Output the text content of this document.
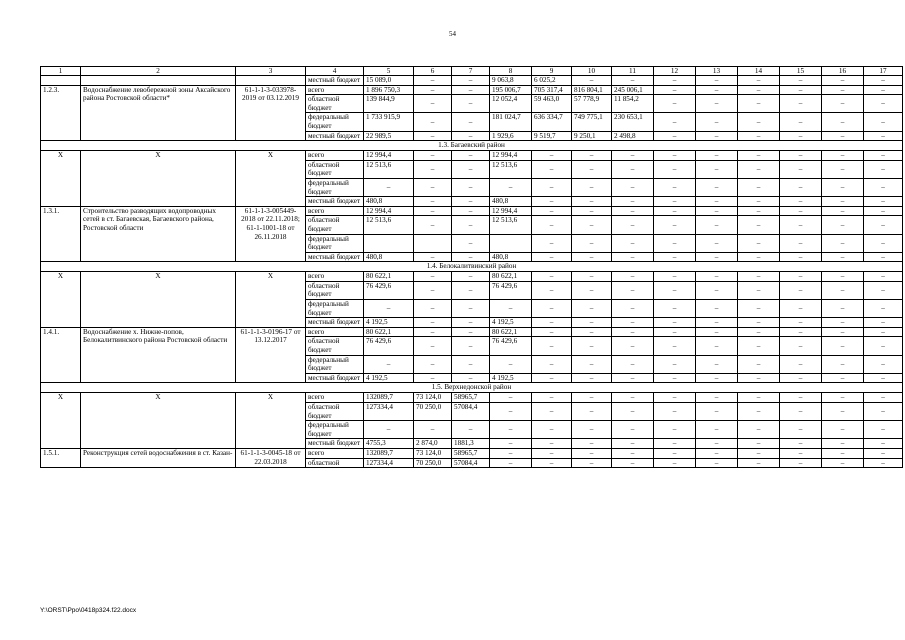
54
1	2	3	4	5	6	7	8	9	10	11	12	13	14	15	16	17
			местный бюджет	15 089,0	–	–	9 063,8	6 025,2	–	–	–	–	–	–	–	–
1.2.3.	Водоснабжение левобережной зоны Аксайского района Ростовской области*	61-1-1-3-033978-2019 от 03.12.2019	всего	1 896 750,3	–	–	195 006,7	705 317,4	816 804,1	245 006,1	–	–	–	–	–	–
			областной бюджет	139 844,9	–	–	12 052,4	59 463,0	57 778,9	11 854,2	–	–	–	–	–	–
			федеральный бюджет	1 733 915,9	–	–	181 024,7	636 334,7	749 775,1	230 653,1	–	–	–	–	–	–
			местный бюджет	22 989,5	–	–	1 929,6	9 519,7	9 250,1	2 498,8	–	–	–	–	–	–
1.3. Багаевский район																
Х	Х	Х	всего	12 994,4	–	–	12 994,4	–	–	–	–	–	–	–	–	–
			областной бюджет	12 513,6	–	–	12 513,6	–	–	–	–	–	–	–	–	–
			федеральный бюджет	–	–	–	–	–	–	–	–	–	–	–	–	–
			местный бюджет	480,8	–	–	480,8	–	–	–	–	–	–	–	–	–
1.3.1.	Строительство разводящих водопроводных сетей в ст. Багаевская, Багаевского района, Ростовской области	61-1-1-3-005449-2018 от 22.11.2018; 61-1-1001-18 от 26.11.2018	всего	12 994,4	–	–	12 994,4	–	–	–	–	–	–	–	–	–
			областной бюджет	12 513,6	–	–	12 513,6	–	–	–	–	–	–	–	–	–
			федеральный бюджет			–		–	–	–	–	–	–	–	–	–
			местный бюджет	480,8	–	–	480,8	–	–	–	–	–	–	–	–	–
1.4. Белокалитвинский район																
Х	Х	Х	всего	80 622,1	–	–	80 622,1	–	–	–	–	–	–	–	–	–
			областной бюджет	76 429,6	–	–	76 429,6	–	–	–	–	–	–	–	–	–
			федеральный бюджет	–	–	–	–	–	–	–	–	–	–	–	–	–
			местный бюджет	4 192,5	–	–	4 192,5	–	–	–	–	–	–	–	–	–
1.4.1.	Водоснабжение х. Нижне-попов, Белокалитвинского района Ростовской области	61-1-1-3-0196-17 от 13.12.2017	всего	80 622,1	–	–	80 622,1	–	–	–	–	–	–	–	–	–
			областной бюджет	76 429,6	–	–	76 429,6	–	–	–	–	–	–	–	–	–
			федеральный бюджет	–	–	–	–	–	–	–	–	–	–	–	–	–
			местный бюджет	4 192,5	–	–	4 192,5	–	–	–	–	–	–	–	–	–
1.5. Верхнедонской район																
Х	Х	Х	всего	132089,7	73 124,0	58965,7	–	–	–	–	–	–	–	–	–	–
			областной бюджет	127334,4	70 250,0	57084,4	–	–	–	–	–	–	–	–	–	–
			федеральный бюджет	–	–	–	–	–	–	–	–	–	–	–	–	–
			местный бюджет	4755,3	2 874,0	1881,3	–	–	–	–	–	–	–	–	–	–
1.5.1.	Реконструкция сетей водоснабжения в ст. Казан-	61-1-1-3-0045-18 от 22.03.2018	всего	132089,7	73 124,0	58965,7	–	–	–	–	–	–	–	–	–	–
			областной	127334,4	70 250,0	57084,4	–	–	–	–	–	–	–	–	–	–
Y:\ORST\Ppo\0418p324.f22.docx
